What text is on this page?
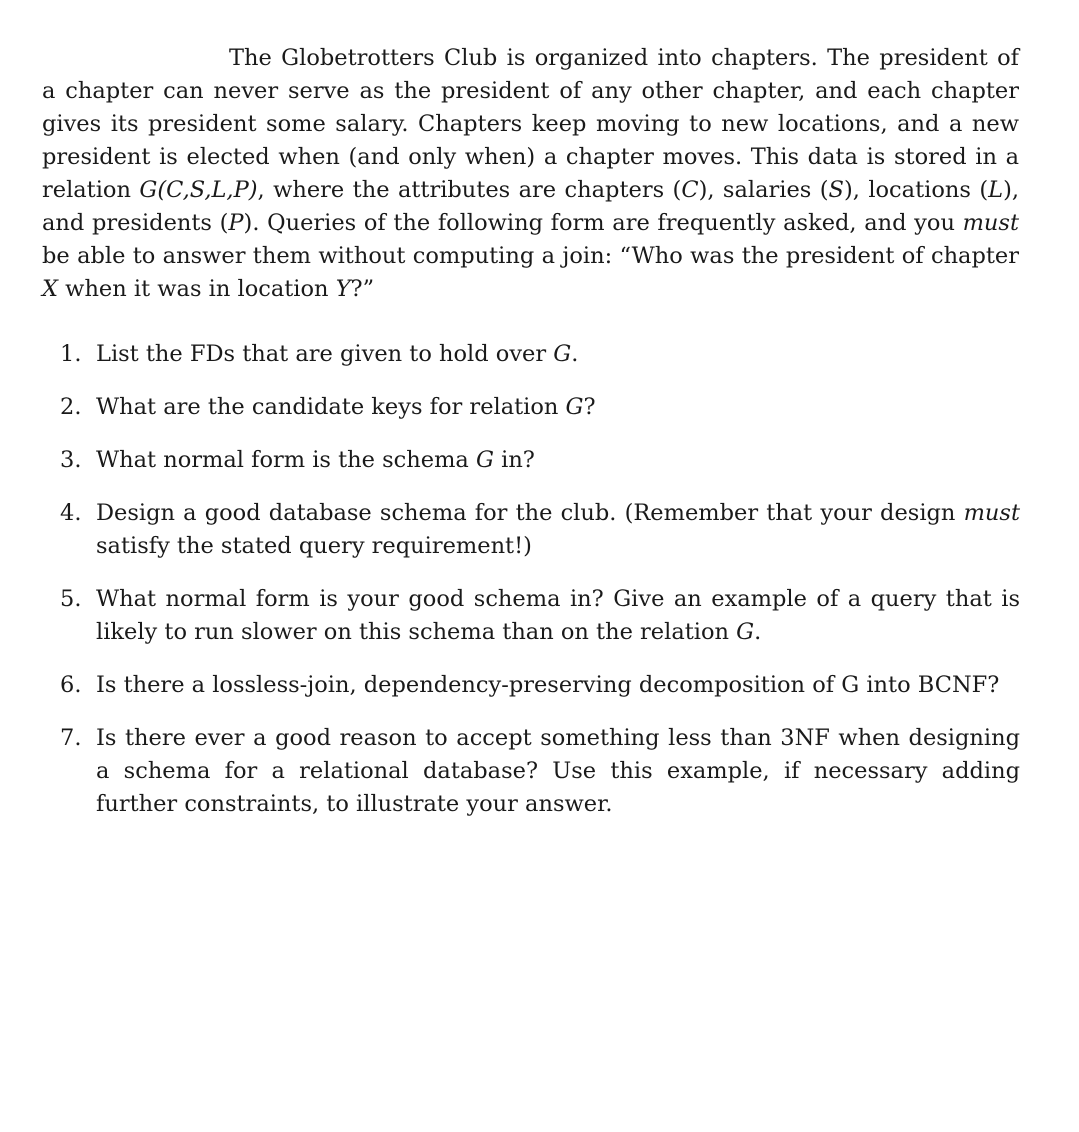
The Globetrotters Club is organized into chapters. The president of a chapter can never serve as the president of any other chapter, and each chapter gives its president some salary. Chapters keep moving to new locations, and a new president is elected when (and only when) a chapter moves. This data is stored in a relation G(C,S,L,P), where the attributes are chapters (C), salaries (S), locations (L), and presidents (P). Queries of the following form are frequently asked, and you must be able to answer them without computing a join: “Who was the president of chapter X when it was in location Y?”

1. List the FDs that are given to hold over G.
2. What are the candidate keys for relation G?
3. What normal form is the schema G in?
4. Design a good database schema for the club. (Remember that your design must satisfy the stated query requirement!)
5. What normal form is your good schema in? Give an example of a query that is likely to run slower on this schema than on the relation G.
6. Is there a lossless-join, dependency-preserving decomposition of G into BCNF?
7. Is there ever a good reason to accept something less than 3NF when designing a schema for a relational database? Use this example, if necessary adding further constraints, to illustrate your answer.
